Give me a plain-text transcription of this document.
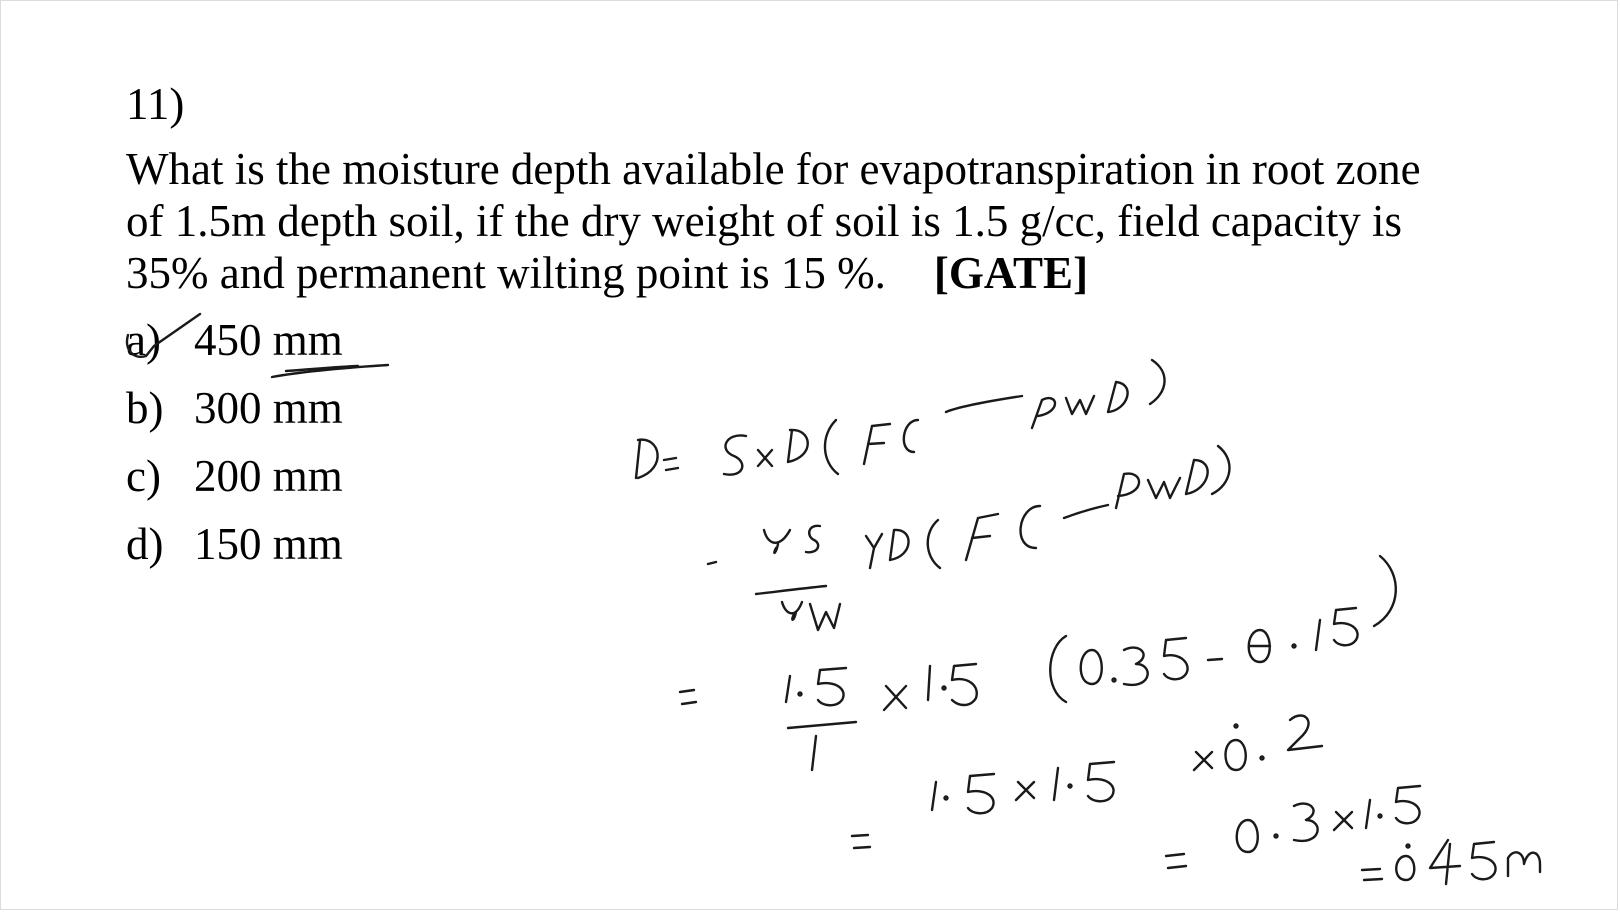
11)

What is the moisture depth available for evapotranspiration in root zone
of 1.5m depth soil, if the dry weight of soil is 1.5 g/cc, field capacity is
35% and permanent wilting point is 15 %. [GATE]

a) 450 mm
b) 300 mm
c) 200 mm
d) 150 mm
